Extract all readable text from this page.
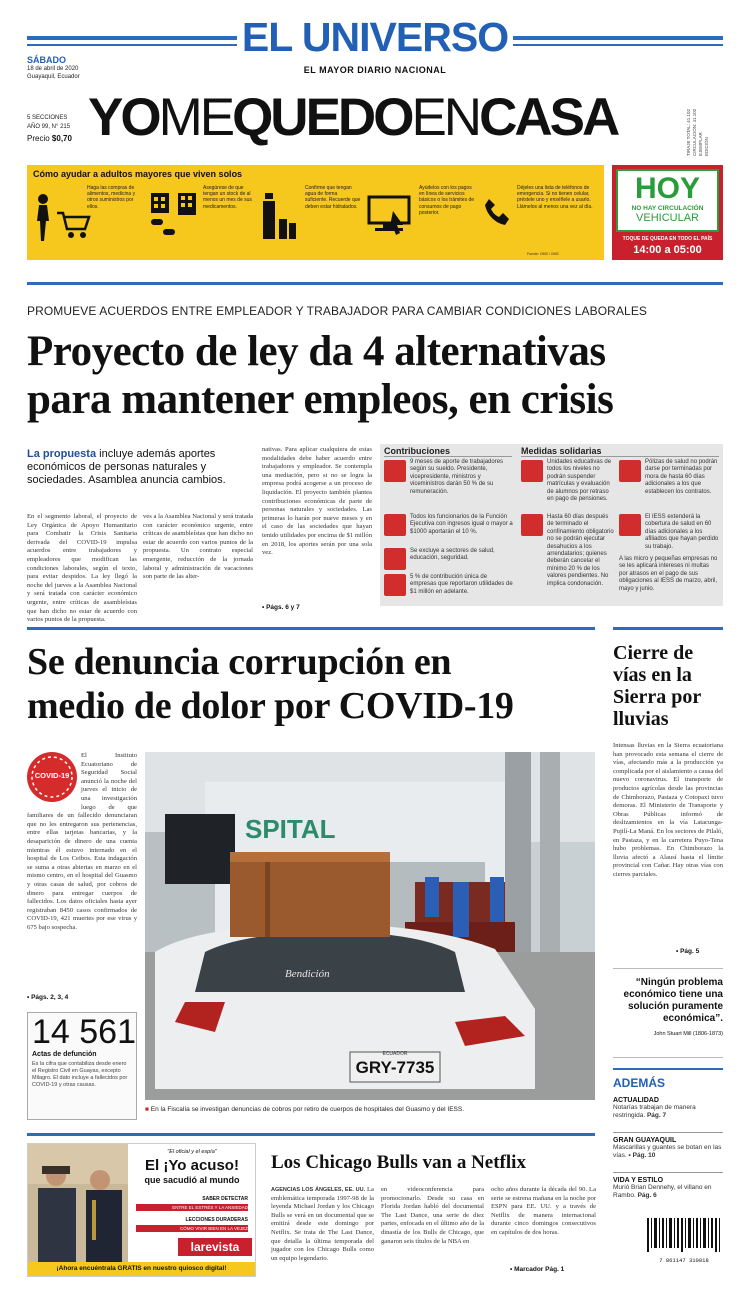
EL UNIVERSO
EL MAYOR DIARIO NACIONAL
SÁBADO
18 de abril de 2020
Guayaquil, Ecuador
5 SECCIONES
AÑO 99, N° 215
Precio $0,70 YOMEQUEDOENCASA	TIRAJE TOTAL: 41.102 CIRCULACIÓN: 41.102 EJEMPLAR EDICIÓN
Cómo ayudar a adultos mayores que viven solos
Haga las compras de alimentos, medicina y otros suministros por ellos.
Asegúrese de que tengan un stock de al menos un mes de sus medicamentos.
Confirme que tengan agua de forma suficiente. Recuerde que deben estar hidratados.
Ayúdelos con los pagos en línea de servicios básicos o los trámites de consumos de pago posterior.
Déjeles una lista de teléfonos de emergencia. Si no tienen celular, préstele uno y enséñele a usarlo. Llámelos al menos una vez al día.
Fuente: OMS / OMS
HOY
NO HAY CIRCULACIÓN
VEHICULAR
TOQUE DE QUEDA EN TODO EL PAÍS
14:00 a 05:00
PROMUEVE ACUERDOS ENTRE EMPLEADOR Y TRABAJADOR PARA CAMBIAR CONDICIONES LABORALES
Proyecto de ley da 4 alternativas
para mantener empleos, en crisis
La propuesta incluye además aportes económicos de personas naturales y sociedades. Asamblea anuncia cambios.
En el segmento laboral, el proyecto de Ley Orgánica de Apoyo Humanitario para Combatir la Crisis Sanitaria derivada del COVID-19 impulsa acuerdos entre trabajadores y empleadores que modifican las condiciones laborales, según el texto, para evitar despidos. La ley llegó la noche del jueves a la Asamblea Nacional y será tratada con carácter económico urgente, entre críticas de asambleístas que han dicho no estar de acuerdo con varios puntos de la propuesta.
ves a la Asamblea Nacional y será tratada con carácter económico urgente, entre críticas de asambleístas que han dicho no estar de acuerdo con varios puntos de la propuesta. Un contrato especial emergente, reducción de la jornada laboral y administración de vacaciones son parte de las alter-
nativas. Para aplicar cualquiera de estas modalidades debe haber acuerdo entre trabajadores y empleador. Se contempla una mediación, pero si no se logra la empresa podrá acogerse a un proceso de liquidación. El proyecto también plantea contribuciones económicas de parte de personas naturales y sociedades. Las primeras lo harán por nueve meses y en el caso de las sociedades que hayan tenido utilidades por encima de $1 millón en 2018, los aportes serán por una sola vez.
• Págs. 6 y 7
Contribuciones
9 meses de aporte de trabajadores según su sueldo. Presidente, vicepresidente, ministros y viceministros darán 50 % de su remuneración.
Todos los funcionarios de la Función Ejecutiva con ingresos igual o mayor a $1000 aportarán el 10 %.
Se excluye a sectores de salud, educación, seguridad.
5 % de contribución única de empresas que reportaron utilidades de $1 millón en adelante.
Medidas solidarias
Unidades educativas de todos los niveles no podrán suspender matrículas y evaluación de alumnos por retraso en pago de pensiones.
Hasta 60 días después de terminado el confinamiento obligatorio no se podrán ejecutar desahucios a los arrendatarios; quienes deberán cancelar el mínimo 20 % de los valores pendientes. No implica condonación.
Pólizas de salud no podrán darse por terminadas por mora de hasta 60 días adicionales a los que establecen los contratos.
El IESS extenderá la cobertura de salud en 60 días adicionales a los afiliados que hayan perdido su trabajo.
A las micro y pequeñas empresas no se les aplicará intereses ni multas por atrasos en el pago de sus obligaciones al IESS de marzo, abril, mayo y junio.
Se denuncia corrupción en
medio de dolor por COVID-19
COVID-19
El Instituto Ecuatoriano de Seguridad Social anunció la noche del jueves el inicio de una investigación luego de que familiares de un fallecido denunciaran que no les entregaron sus pertenencias, entre ellas tarjetas bancarias, y la desaparición de dinero de una cuenta mientras él estuvo internado en el hospital de Los Ceibos. Esta indagación se suma a otras abiertas en marzo en el mismo centro, en el hospital del Guasmo y otras casas de salud, por cobros de dinero para entregar cuerpos de fallecidos. Los datos oficiales hasta ayer registraban 8450 casos confirmados de COVID-19, 421 muertes por ese virus y 675 bajo sospecha.
• Págs. 2, 3, 4
14 561
Actas de defunción
Es la cifra que contabiliza desde enero el Registro Civil en Guayas, excepto Milagro. El dato incluye a fallecidos por COVID-19 y otras causas.
SPITAL
ECUADOR
GRY-7735
Bendición
■ En la Fiscalía se investigan denuncias de cobros por retiro de cuerpos de hospitales del Guasmo y del IESS.
Cierre de vías en la Sierra por lluvias
Intensas lluvias en la Sierra ecuatoriana han provocado esta semana el cierre de vías, afectando más a la producción ya complicada por el aislamiento a causa del nuevo coronavirus. El transporte de productos agrícolas desde las provincias de Chimborazo, Pastaza y Cotopaxi tuvo demoras. El Ministerio de Transporte y Obras Públicas informó de deslizamientos en la vía Latacunga-Pujilí-La Maná. En los sectores de Pilaló, en Pastaza, y en la carretera Puyo-Tena hubo problemas. En Chimborazo la lluvia afectó a Alausí hasta el límite provincial con Cañar. Hay otras vías con cierres parciales.
• Pág. 5
“Ningún problema económico tiene una solución puramente económica”.
John Stuart Mill (1806-1873)
ADEMÁS
ACTUALIDAD
Notarías trabajan de manera restringida. Pág. 7
GRAN GUAYAQUIL
Mascarillas y guantes se botan en las vías. • Pág. 10
VIDA Y ESTILO
Murió Brian Dennehy, el villano en Rambo. Pág. 6
7 861147 310818
"El oficial y el espía"
El ¡Yo acuso!
que sacudió al mundo
SABER DETECTAR
ENTRE EL ESTRÉS Y LA ANSIEDAD
LECCIONES DURADERAS
CÓMO VIVIR BIEN EN LA VEJEZ
larevista
¡Ahora encuéntrala GRATIS en nuestro quiosco digital!
Los Chicago Bulls van a Netflix
AGENCIAS LOS ÁNGELES, EE. UU. La emblemática temporada 1997-98 de la leyenda Michael Jordan y los Chicago Bulls se verá en un documental que se emitirá desde este domingo por Netflix. Se trata de The Last Dance, que detalla la última temporada del jugador con los Chicago Bulls como un equipo legendario.
en videoconferencia para promocionarlo. Desde su casa en Florida Jordan habló del documental The Last Dance, una serie de diez partes, enfocada en el último año de la dinastía de los Bulls de Chicago, que ganaron seis títulos de la NBA en
ocho años durante la década del 90. La serie se estrena mañana en la noche por ESPN para EE. UU. y a través de Netflix de manera internacional durante cinco domingos consecutivos en capítulos de dos horas.
• Marcador Pág. 1
